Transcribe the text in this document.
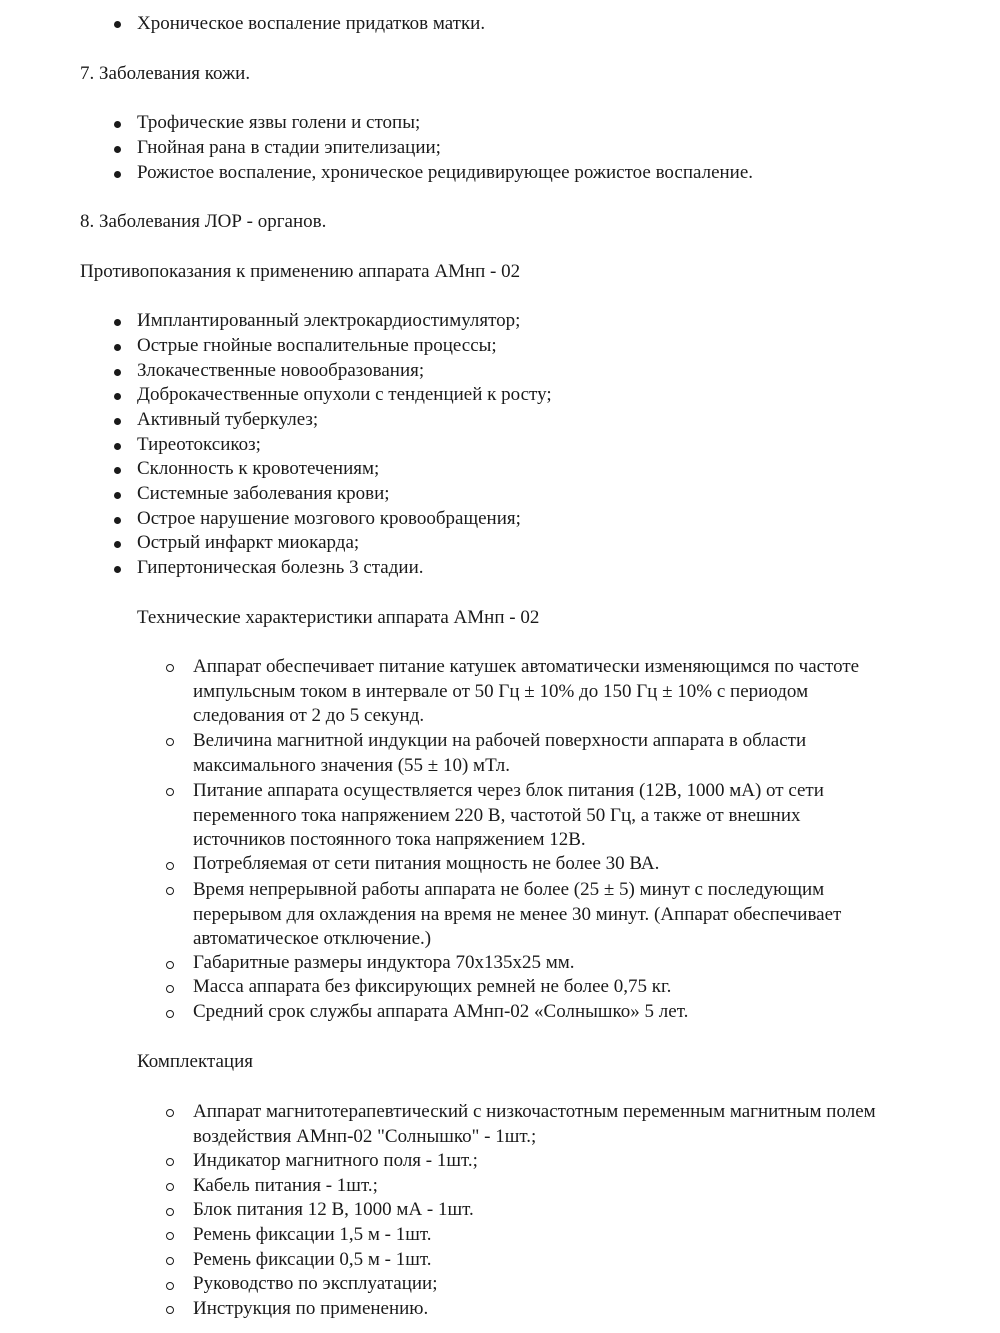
Хроническое воспаление придатков матки.
7. Заболевания кожи.
Трофические язвы голени и стопы;
Гнойная рана в стадии эпителизации;
Рожистое воспаление, хроническое рецидивирующее рожистое воспаление.
8. Заболевания ЛОР - органов.
Противопоказания к применению аппарата АМнп - 02
Имплантированный электрокардиостимулятор;
Острые гнойные воспалительные процессы;
Злокачественные новообразования;
Доброкачественные опухоли с тенденцией к росту;
Активный туберкулез;
Тиреотоксикоз;
Склонность к кровотечениям;
Системные заболевания крови;
Острое нарушение мозгового кровообращения;
Острый инфаркт миокарда;
Гипертоническая болезнь 3 стадии.
Технические характеристики аппарата АМнп - 02
Аппарат обеспечивает питание катушек автоматически изменяющимся по частоте импульсным током в интервале от 50 Гц ± 10% до 150 Гц ± 10% с периодом следования от 2 до 5 секунд.
Величина магнитной индукции на рабочей поверхности аппарата в области максимального значения (55 ± 10) мТл.
Питание аппарата осуществляется через блок питания (12В, 1000 мА) от сети переменного тока напряжением 220 В, частотой 50 Гц, а также от внешних источников постоянного тока напряжением 12В.
Потребляемая от сети питания мощность не более 30 ВА.
Время непрерывной работы аппарата не более (25 ± 5) минут с последующим перерывом для охлаждения на время не менее 30 минут. (Аппарат обеспечивает автоматическое отключение.)
Габаритные размеры индуктора 70x135x25 мм.
Масса аппарата без фиксирующих ремней не более 0,75 кг.
Средний срок службы аппарата АМнп-02 «Солнышко» 5 лет.
Комплектация
Аппарат магнитотерапевтический с низкочастотным переменным магнитным полем воздействия АМнп-02 "Солнышко" - 1шт.;
Индикатор магнитного поля - 1шт.;
Кабель питания - 1шт.;
Блок питания 12 В, 1000 мА - 1шт.
Ремень фиксации 1,5 м - 1шт.
Ремень фиксации 0,5 м - 1шт.
Руководство по эксплуатации;
Инструкция по применению.
